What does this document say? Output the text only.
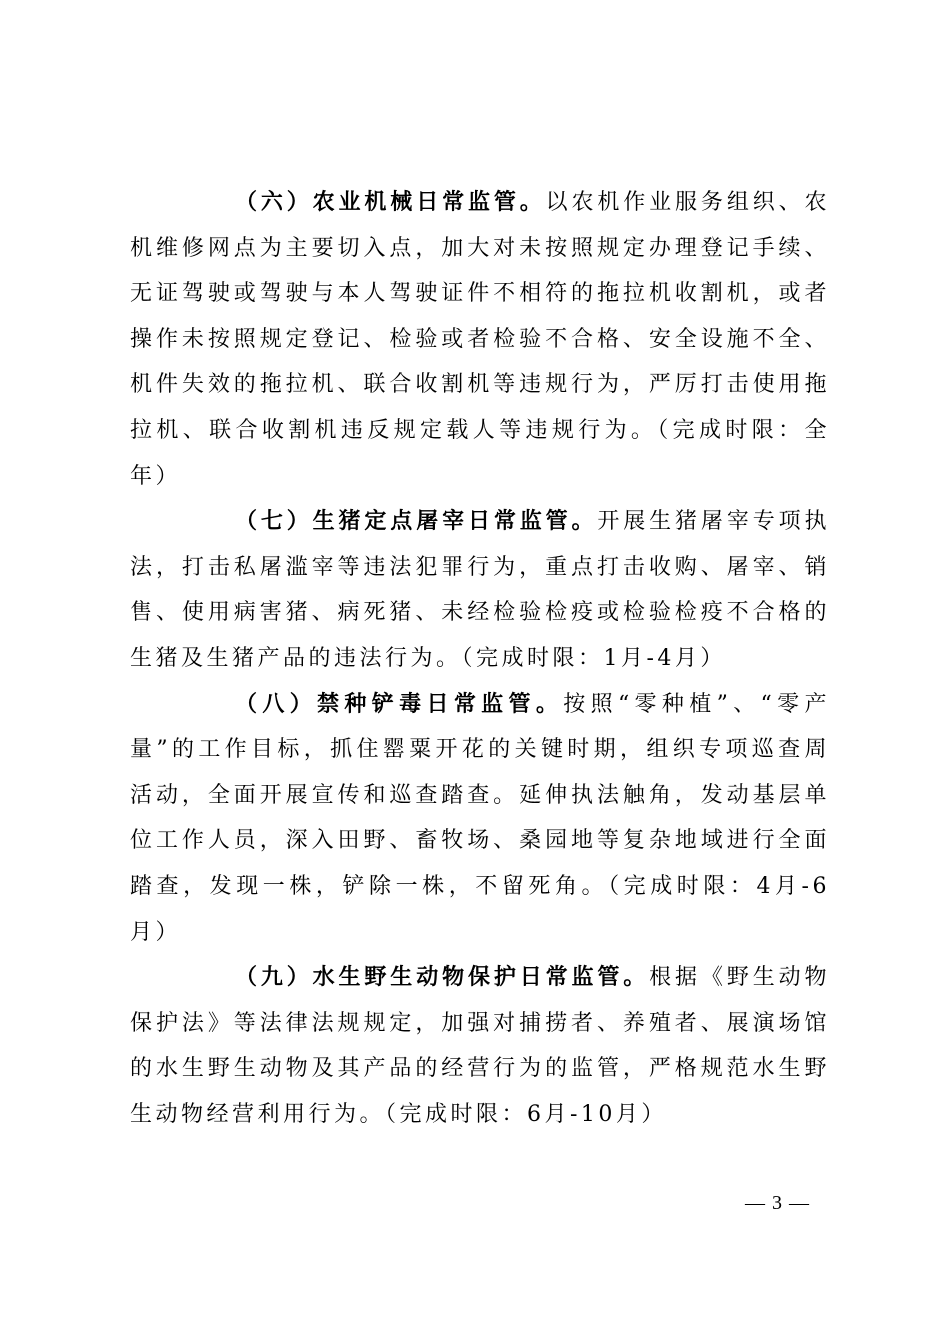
（六）农业机械日常监管。以农机作业服务组织、农机维修网点为主要切入点，加大对未按照规定办理登记手续、无证驾驶或驾驶与本人驾驶证件不相符的拖拉机收割机，或者操作未按照规定登记、检验或者检验不合格、安全设施不全、机件失效的拖拉机、联合收割机等违规行为，严厉打击使用拖拉机、联合收割机违反规定载人等违规行为。（完成时限：全年）

（七）生猪定点屠宰日常监管。开展生猪屠宰专项执法，打击私屠滥宰等违法犯罪行为，重点打击收购、屠宰、销售、使用病害猪、病死猪、未经检验检疫或检验检疫不合格的生猪及生猪产品的违法行为。（完成时限：1月-4月）

（八）禁种铲毒日常监管。按照“零种植”、“零产量”的工作目标，抓住罂粟开花的关键时期，组织专项巡查周活动，全面开展宣传和巡查踏查。延伸执法触角，发动基层单位工作人员，深入田野、畜牧场、桑园地等复杂地域进行全面踏查，发现一株，铲除一株，不留死角。（完成时限：4月-6月）

（九）水生野生动物保护日常监管。根据《野生动物保护法》等法律法规规定，加强对捕捞者、养殖者、展演场馆的水生野生动物及其产品的经营行为的监管，严格规范水生野生动物经营利用行为。（完成时限：6月-10月）

— 3 —
